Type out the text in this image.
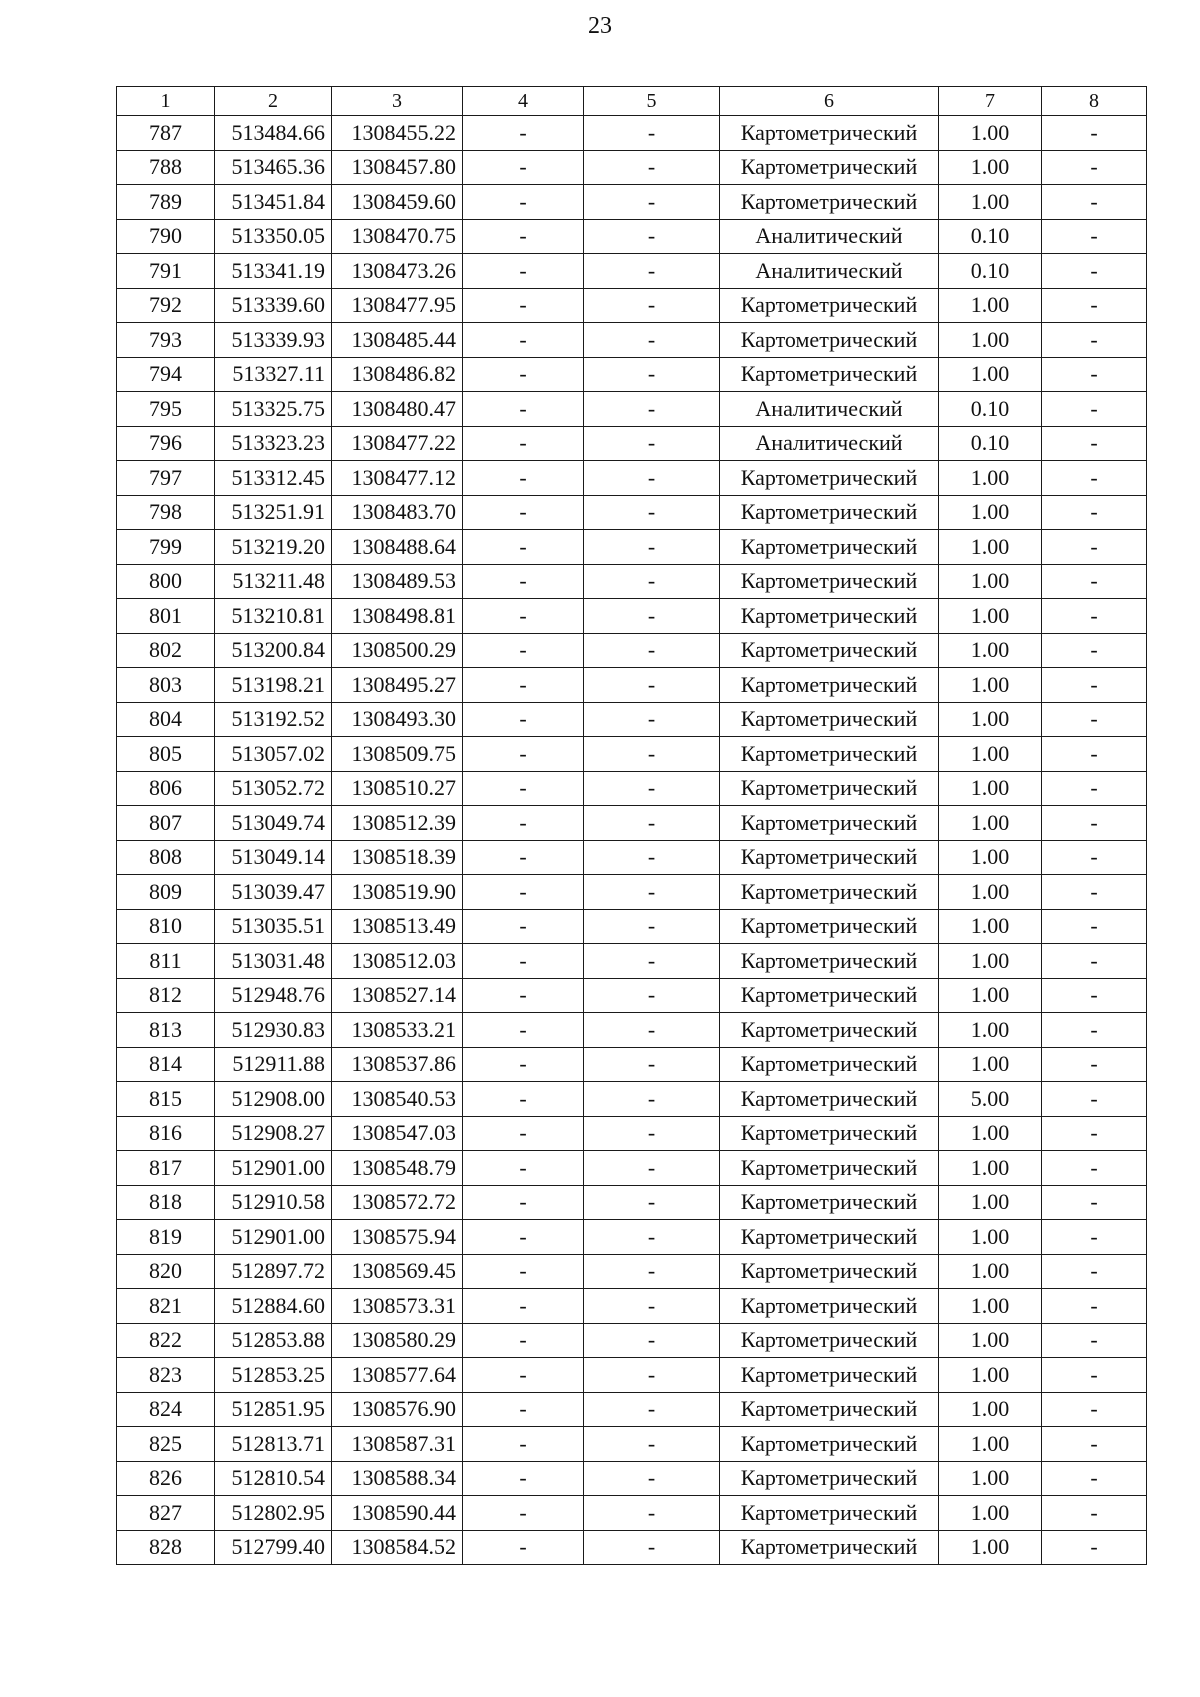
23
1	2	3	4	5	6	7	8
787	513484.66	1308455.22	-	-	Картометрический	1.00	-
788	513465.36	1308457.80	-	-	Картометрический	1.00	-
789	513451.84	1308459.60	-	-	Картометрический	1.00	-
790	513350.05	1308470.75	-	-	Аналитический	0.10	-
791	513341.19	1308473.26	-	-	Аналитический	0.10	-
792	513339.60	1308477.95	-	-	Картометрический	1.00	-
793	513339.93	1308485.44	-	-	Картометрический	1.00	-
794	513327.11	1308486.82	-	-	Картометрический	1.00	-
795	513325.75	1308480.47	-	-	Аналитический	0.10	-
796	513323.23	1308477.22	-	-	Аналитический	0.10	-
797	513312.45	1308477.12	-	-	Картометрический	1.00	-
798	513251.91	1308483.70	-	-	Картометрический	1.00	-
799	513219.20	1308488.64	-	-	Картометрический	1.00	-
800	513211.48	1308489.53	-	-	Картометрический	1.00	-
801	513210.81	1308498.81	-	-	Картометрический	1.00	-
802	513200.84	1308500.29	-	-	Картометрический	1.00	-
803	513198.21	1308495.27	-	-	Картометрический	1.00	-
804	513192.52	1308493.30	-	-	Картометрический	1.00	-
805	513057.02	1308509.75	-	-	Картометрический	1.00	-
806	513052.72	1308510.27	-	-	Картометрический	1.00	-
807	513049.74	1308512.39	-	-	Картометрический	1.00	-
808	513049.14	1308518.39	-	-	Картометрический	1.00	-
809	513039.47	1308519.90	-	-	Картометрический	1.00	-
810	513035.51	1308513.49	-	-	Картометрический	1.00	-
811	513031.48	1308512.03	-	-	Картометрический	1.00	-
812	512948.76	1308527.14	-	-	Картометрический	1.00	-
813	512930.83	1308533.21	-	-	Картометрический	1.00	-
814	512911.88	1308537.86	-	-	Картометрический	1.00	-
815	512908.00	1308540.53	-	-	Картометрический	5.00	-
816	512908.27	1308547.03	-	-	Картометрический	1.00	-
817	512901.00	1308548.79	-	-	Картометрический	1.00	-
818	512910.58	1308572.72	-	-	Картометрический	1.00	-
819	512901.00	1308575.94	-	-	Картометрический	1.00	-
820	512897.72	1308569.45	-	-	Картометрический	1.00	-
821	512884.60	1308573.31	-	-	Картометрический	1.00	-
822	512853.88	1308580.29	-	-	Картометрический	1.00	-
823	512853.25	1308577.64	-	-	Картометрический	1.00	-
824	512851.95	1308576.90	-	-	Картометрический	1.00	-
825	512813.71	1308587.31	-	-	Картометрический	1.00	-
826	512810.54	1308588.34	-	-	Картометрический	1.00	-
827	512802.95	1308590.44	-	-	Картометрический	1.00	-
828	512799.40	1308584.52	-	-	Картометрический	1.00	-
